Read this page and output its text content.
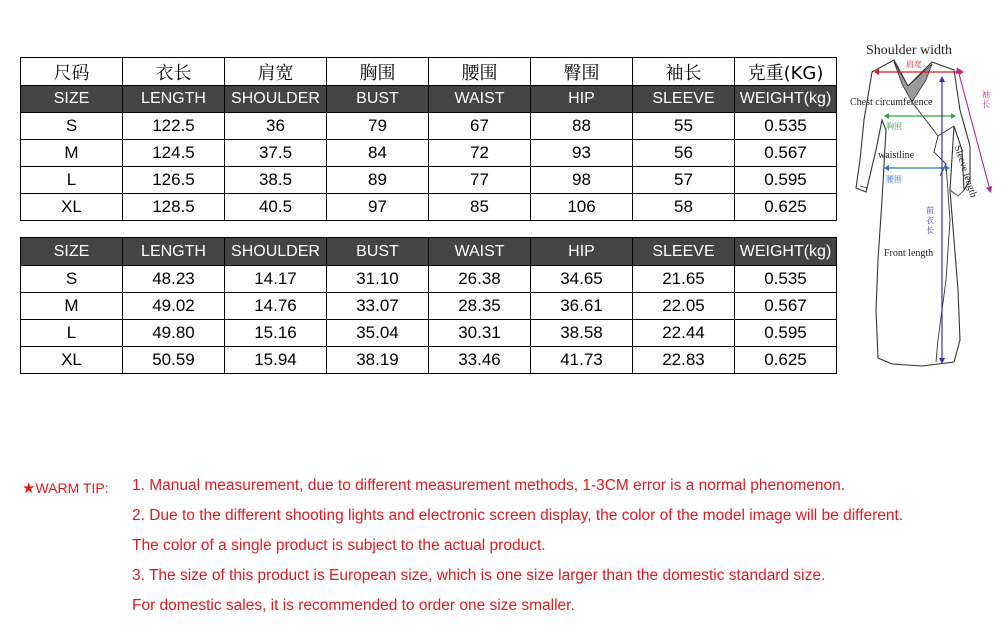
尺码	衣长	肩宽	胸围	腰围	臀围	袖长	克重(KG)
SIZE	LENGTH	SHOULDER	BUST	WAIST	HIP	SLEEVE	WEIGHT(kg)
S	122.5	36	79	67	88	55	0.535
M	124.5	37.5	84	72	93	56	0.567
L	126.5	38.5	89	77	98	57	0.595
XL	128.5	40.5	97	85	106	58	0.625
SIZE	LENGTH	SHOULDER	BUST	WAIST	HIP	SLEEVE	WEIGHT(kg)
S	48.23	14.17	31.10	26.38	34.65	21.65	0.535
M	49.02	14.76	33.07	28.35	36.61	22.05	0.567
L	49.80	15.16	35.04	30.31	38.58	22.44	0.595
XL	50.59	15.94	38.19	33.46	41.73	22.83	0.625
Shoulder width
肩宽
Chest circumference
胸围
waistline
腰围
Front length
前衣长
袖长
Sleeve length
★WARM TIP: 1. Manual measurement, due to different measurement methods, 1-3CM error is a normal phenomenon.
2. Due to the different shooting lights and electronic screen display, the color of the model image will be different.
The color of a single product is subject to the actual product.
3. The size of this product is European size, which is one size larger than the domestic standard size.
For domestic sales, it is recommended to order one size smaller.
